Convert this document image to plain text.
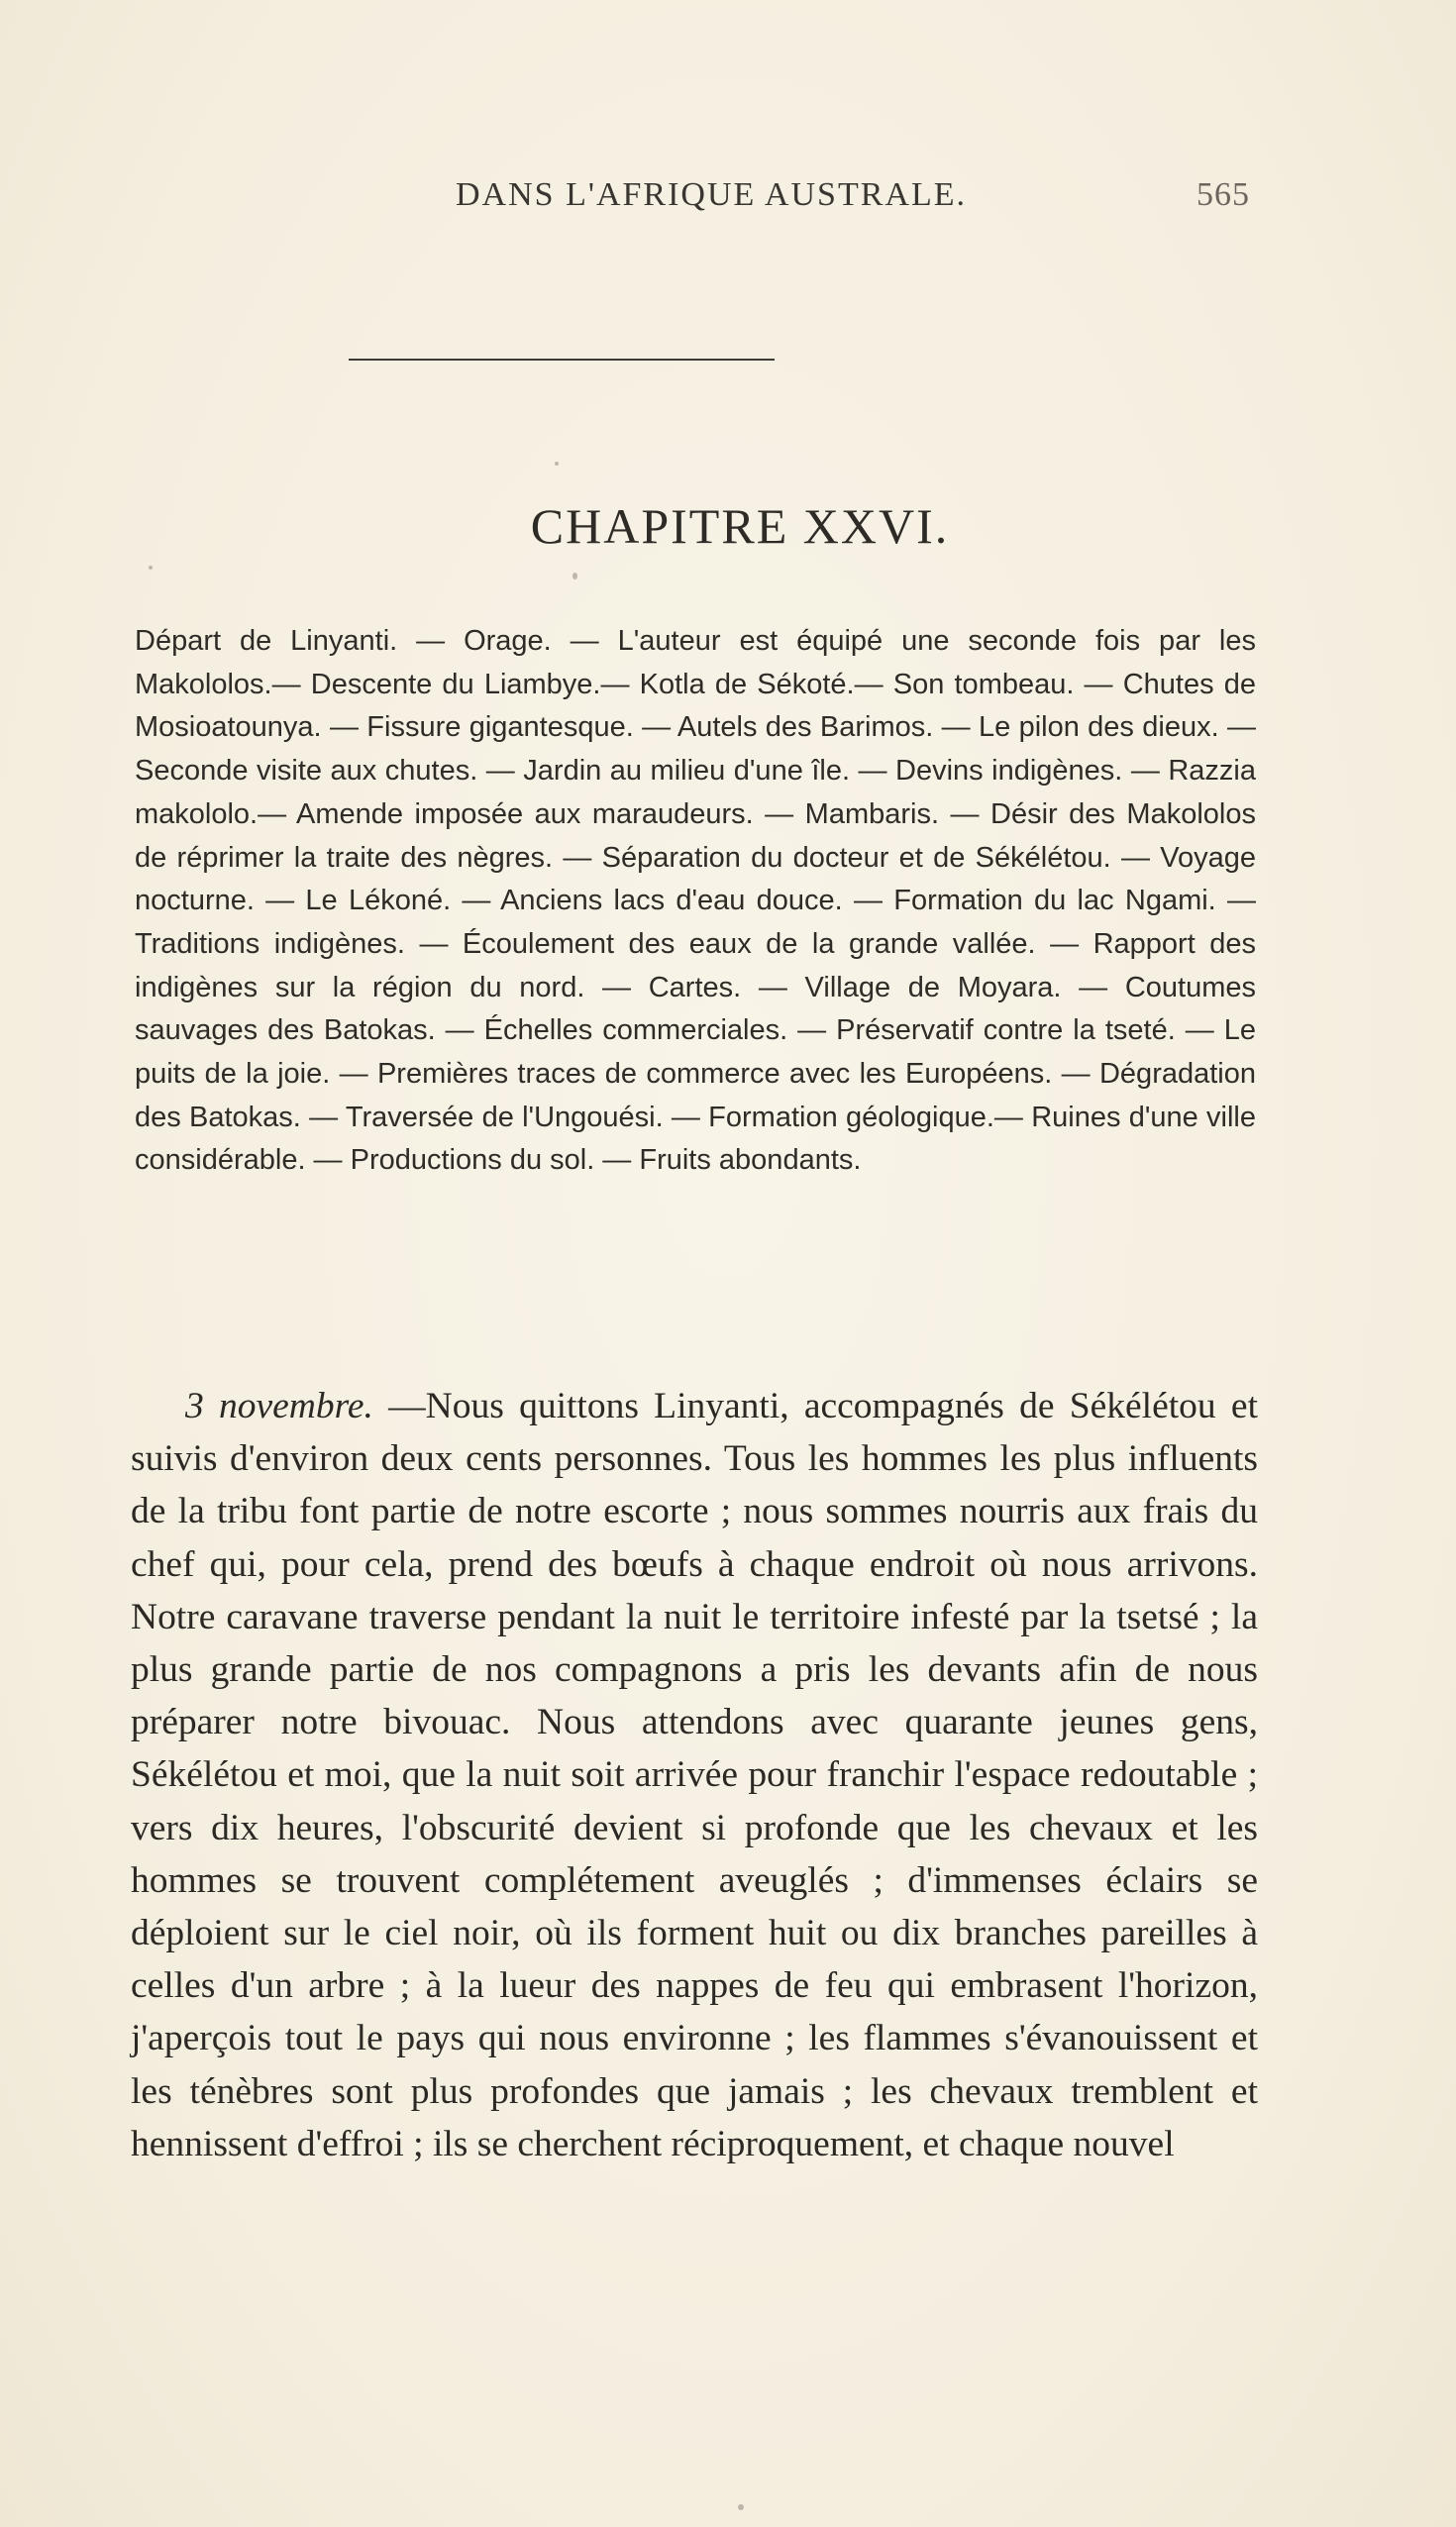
DANS L'AFRIQUE AUSTRALE.	565
CHAPITRE XXVI.

Départ de Linyanti. — Orage. — L'auteur est équipé une seconde fois par les Makololos.— Descente du Liambye.— Kotla de Sékoté.— Son tombeau. — Chutes de Mosioatounya. — Fissure gigantesque. — Autels des Barimos. — Le pilon des dieux. — Seconde visite aux chutes. — Jardin au milieu d'une île. — Devins indigènes. — Razzia makololo.— Amende imposée aux maraudeurs. — Mambaris. — Désir des Makololos de réprimer la traite des nègres. — Séparation du docteur et de Sékélétou. — Voyage nocturne. — Le Lékoné. — Anciens lacs d'eau douce. — Formation du lac Ngami. — Traditions indigènes. — Écoulement des eaux de la grande vallée. — Rapport des indigènes sur la région du nord. — Cartes. — Village de Moyara. — Coutumes sauvages des Batokas. — Échelles commerciales. — Préservatif contre la tseté. — Le puits de la joie. — Premières traces de commerce avec les Européens. — Dégradation des Batokas. — Traversée de l'Ungouési. — Formation géologique.— Ruines d'une ville considérable. — Productions du sol. — Fruits abondants.

3 novembre. —Nous quittons Linyanti, accompagnés de Sékélétou et suivis d'environ deux cents personnes. Tous les hommes les plus influents de la tribu font partie de notre escorte ; nous sommes nourris aux frais du chef qui, pour cela, prend des bœufs à chaque endroit où nous arrivons. Notre caravane traverse pendant la nuit le territoire infesté par la tsetsé ; la plus grande partie de nos compagnons a pris les devants afin de nous préparer notre bivouac. Nous attendons avec quarante jeunes gens, Sékélétou et moi, que la nuit soit arrivée pour franchir l'espace redoutable ; vers dix heures, l'obscurité devient si profonde que les chevaux et les hommes se trouvent complétement aveuglés ; d'immenses éclairs se déploient sur le ciel noir, où ils forment huit ou dix branches pareilles à celles d'un arbre ; à la lueur des nappes de feu qui embrasent l'horizon, j'aperçois tout le pays qui nous environne ; les flammes s'évanouissent et les ténèbres sont plus profondes que jamais ; les chevaux tremblent et hennissent d'effroi ; ils se cherchent réciproquement, et chaque nouvel
